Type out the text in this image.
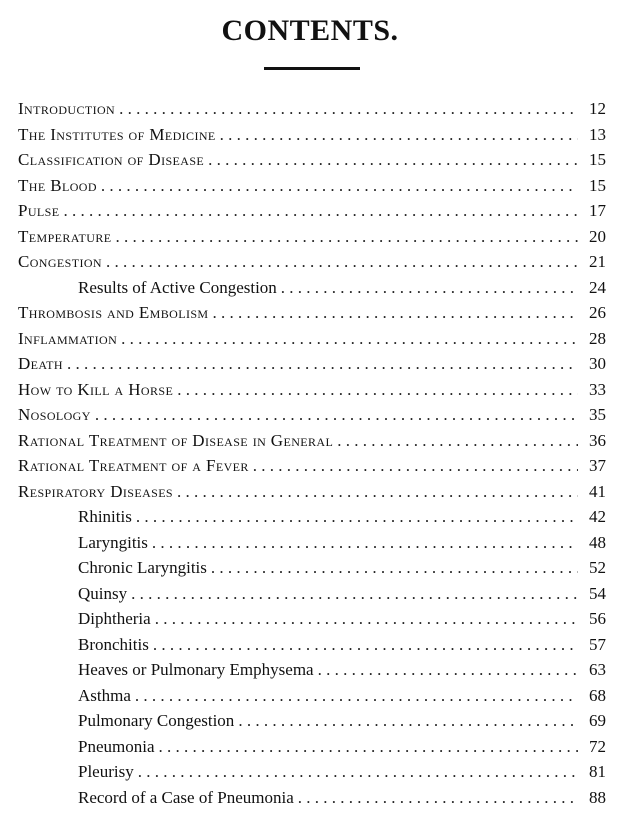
CONTENTS.
Introduction . . .	12
The Institutes of Medicine . . .	13
Classification of Disease . . .	15
The Blood . . .	15
Pulse . . .	17
Temperature . . .	20
Congestion . . .	21
Results of Active Congestion . . .	24
Thrombosis and Embolism . . .	26
Inflammation . . .	28
Death . . .	30
How to Kill a Horse . . .	33
Nosology . . .	35
Rational Treatment of Disease in General . . .	36
Rational Treatment of a Fever . . .	37
Respiratory Diseases . . .	41
Rhinitis . . .	42
Laryngitis . . .	48
Chronic Laryngitis . . .	52
Quinsy . . .	54
Diphtheria . . .	56
Bronchitis . . .	57
Heaves or Pulmonary Emphysema . . .	63
Asthma . . .	68
Pulmonary Congestion . . .	69
Pneumonia . . .	72
Pleurisy . . .	81
Record of a Case of Pneumonia . . .	88
